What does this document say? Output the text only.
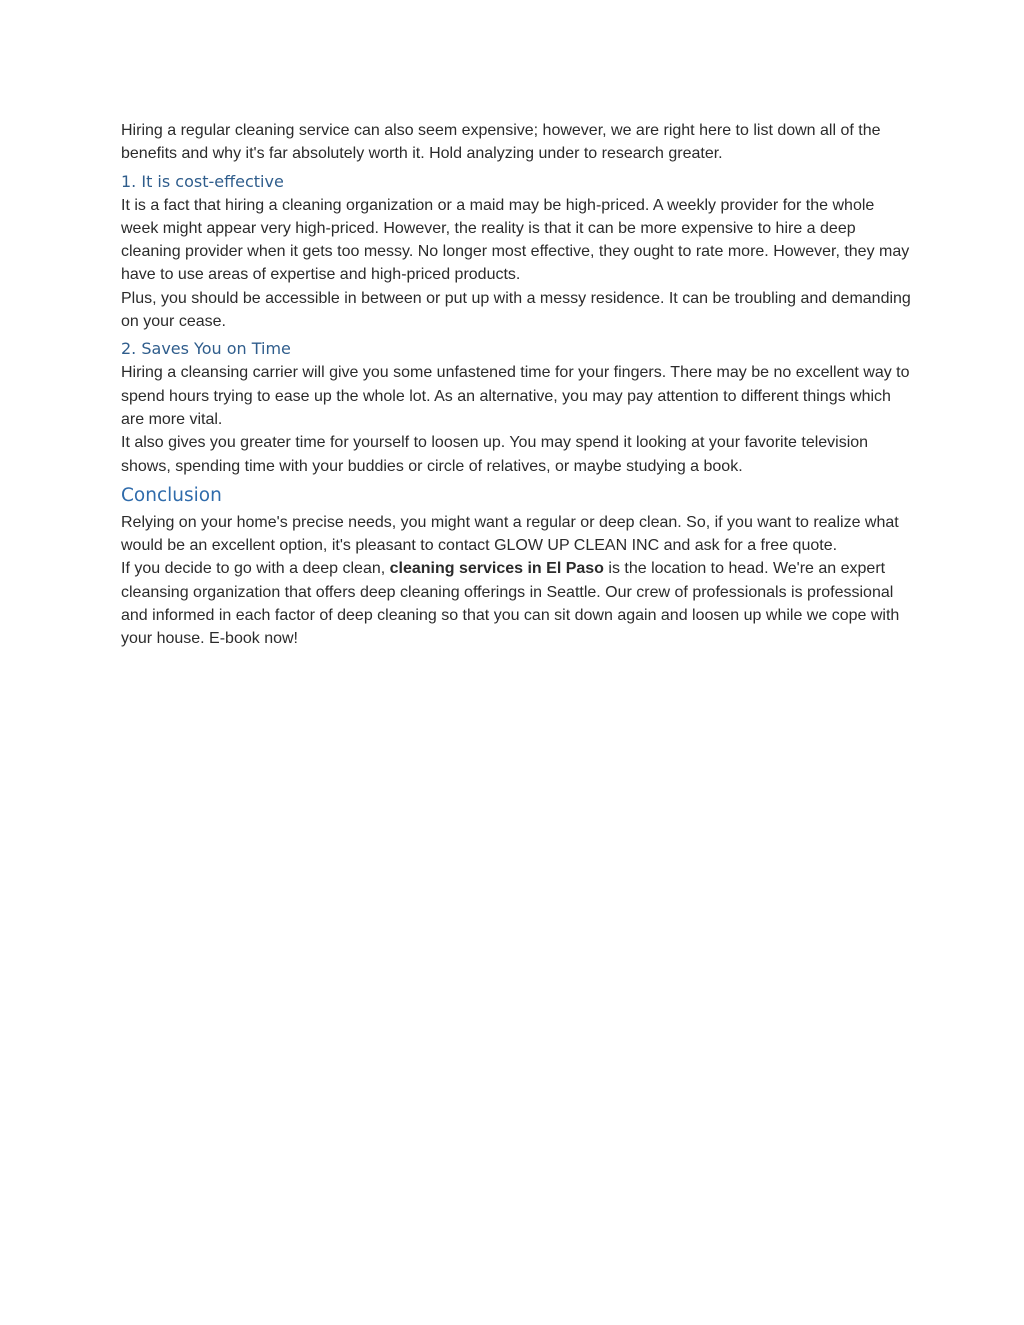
Hiring a regular cleaning service can also seem expensive; however, we are right here to list down all of the benefits and why it's far absolutely worth it. Hold analyzing under to research greater.

1. It is cost-effective

It is a fact that hiring a cleaning organization or a maid may be high-priced. A weekly provider for the whole week might appear very high-priced. However, the reality is that it can be more expensive to hire a deep cleaning provider when it gets too messy. No longer most effective, they ought to rate more. However, they may have to use areas of expertise and high-priced products.

Plus, you should be accessible in between or put up with a messy residence. It can be troubling and demanding on your cease.

2. Saves You on Time

Hiring a cleansing carrier will give you some unfastened time for your fingers. There may be no excellent way to spend hours trying to ease up the whole lot. As an alternative, you may pay attention to different things which are more vital.

It also gives you greater time for yourself to loosen up. You may spend it looking at your favorite television shows, spending time with your buddies or circle of relatives, or maybe studying a book.

Conclusion

Relying on your home's precise needs, you might want a regular or deep clean. So, if you want to realize what would be an excellent option, it's pleasant to contact GLOW UP CLEAN INC and ask for a free quote.

If you decide to go with a deep clean, cleaning services in El Paso is the location to head. We're an expert cleansing organization that offers deep cleaning offerings in Seattle. Our crew of professionals is professional and informed in each factor of deep cleaning so that you can sit down again and loosen up while we cope with your house. E-book now!
